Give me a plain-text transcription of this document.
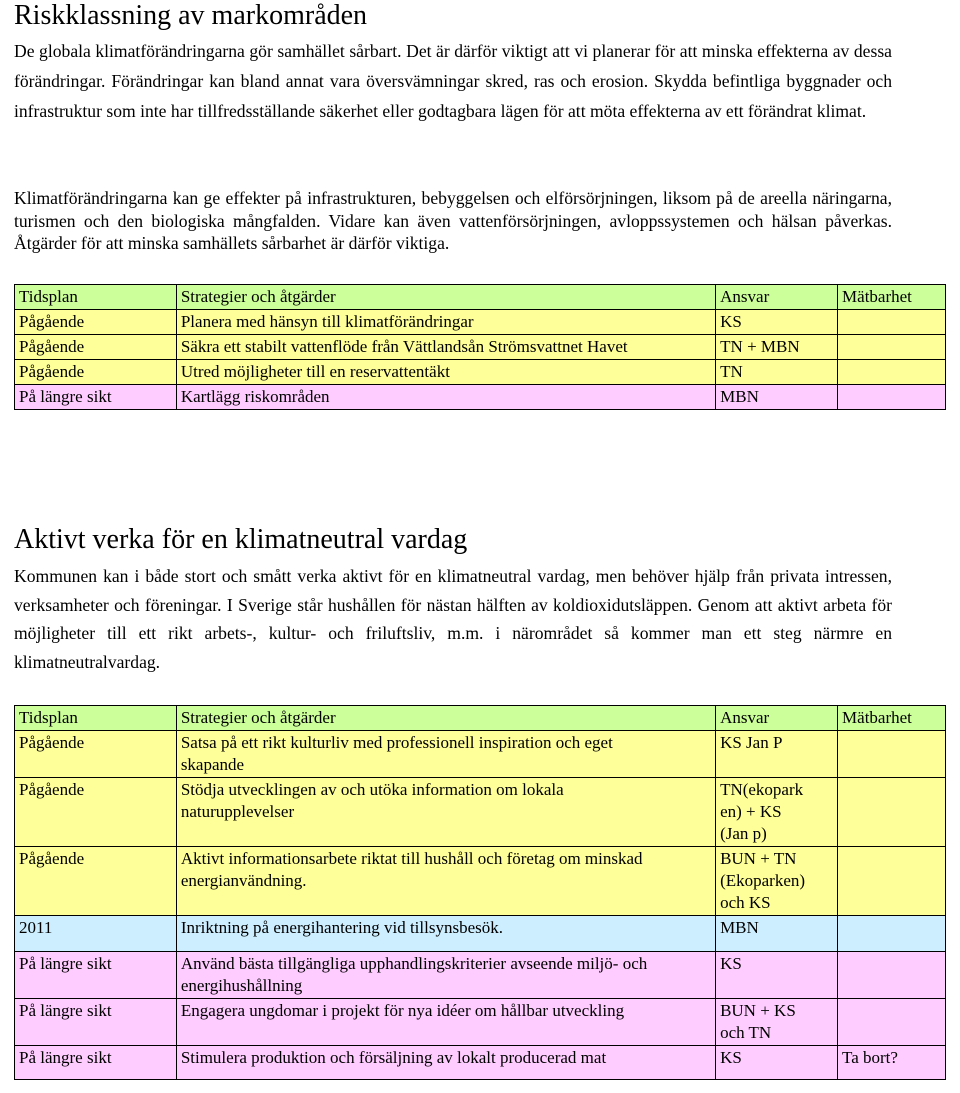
Riskklassning av markområden

De globala klimatförändringarna gör samhället sårbart. Det är därför viktigt att vi planerar för att minska effekterna av dessa förändringar. Förändringar kan bland annat vara översvämningar skred, ras och erosion. Skydda befintliga byggnader och infrastruktur som inte har tillfredsställande säkerhet eller godtagbara lägen för att möta effekterna av ett förändrat klimat.

Klimatförändringarna kan ge effekter på infrastrukturen, bebyggelsen och elförsörjningen, liksom på de areella näringarna, turismen och den biologiska mångfalden. Vidare kan även vattenförsörjningen, avloppssystemen och hälsan påverkas. Åtgärder för att minska samhällets sårbarhet är därför viktiga.

Tidsplan	Strategier och åtgärder	Ansvar	Mätbarhet
Pågående	Planera med hänsyn till klimatförändringar	KS	
Pågående	Säkra ett stabilt vattenflöde från Vättlandsån Strömsvattnet Havet	TN + MBN	
Pågående	Utred möjligheter till en reservattentäkt	TN	
På längre sikt	Kartlägg riskområden	MBN	
Aktivt verka för en klimatneutral vardag

Kommunen kan i både stort och smått verka aktivt för en klimatneutral vardag, men behöver hjälp från privata intressen, verksamheter och föreningar. I Sverige står hushållen för nästan hälften av koldioxidutsläppen. Genom att aktivt arbeta för möjligheter till ett rikt arbets-, kultur- och friluftsliv, m.m. i närområdet så kommer man ett steg närmre en klimatneutralvardag.

Tidsplan	Strategier och åtgärder	Ansvar	Mätbarhet
Pågående	Satsa på ett rikt kulturliv med professionell inspiration och eget skapande	KS Jan P	
Pågående	Stödja utvecklingen av och utöka information om lokala naturupplevelser	TN(ekopark en) + KS (Jan p)	
Pågående	Aktivt informationsarbete riktat till hushåll och företag om minskad energianvändning.	BUN + TN (Ekoparken) och KS	
2011	Inriktning på energihantering vid tillsynsbesök.	MBN	
På längre sikt	Använd bästa tillgängliga upphandlingskriterier avseende miljö- och energihushållning	KS	
På längre sikt	Engagera ungdomar i projekt för nya idéer om hållbar utveckling	BUN + KS och TN	
På längre sikt	Stimulera produktion och försäljning av lokalt producerad mat	KS	Ta bort?
